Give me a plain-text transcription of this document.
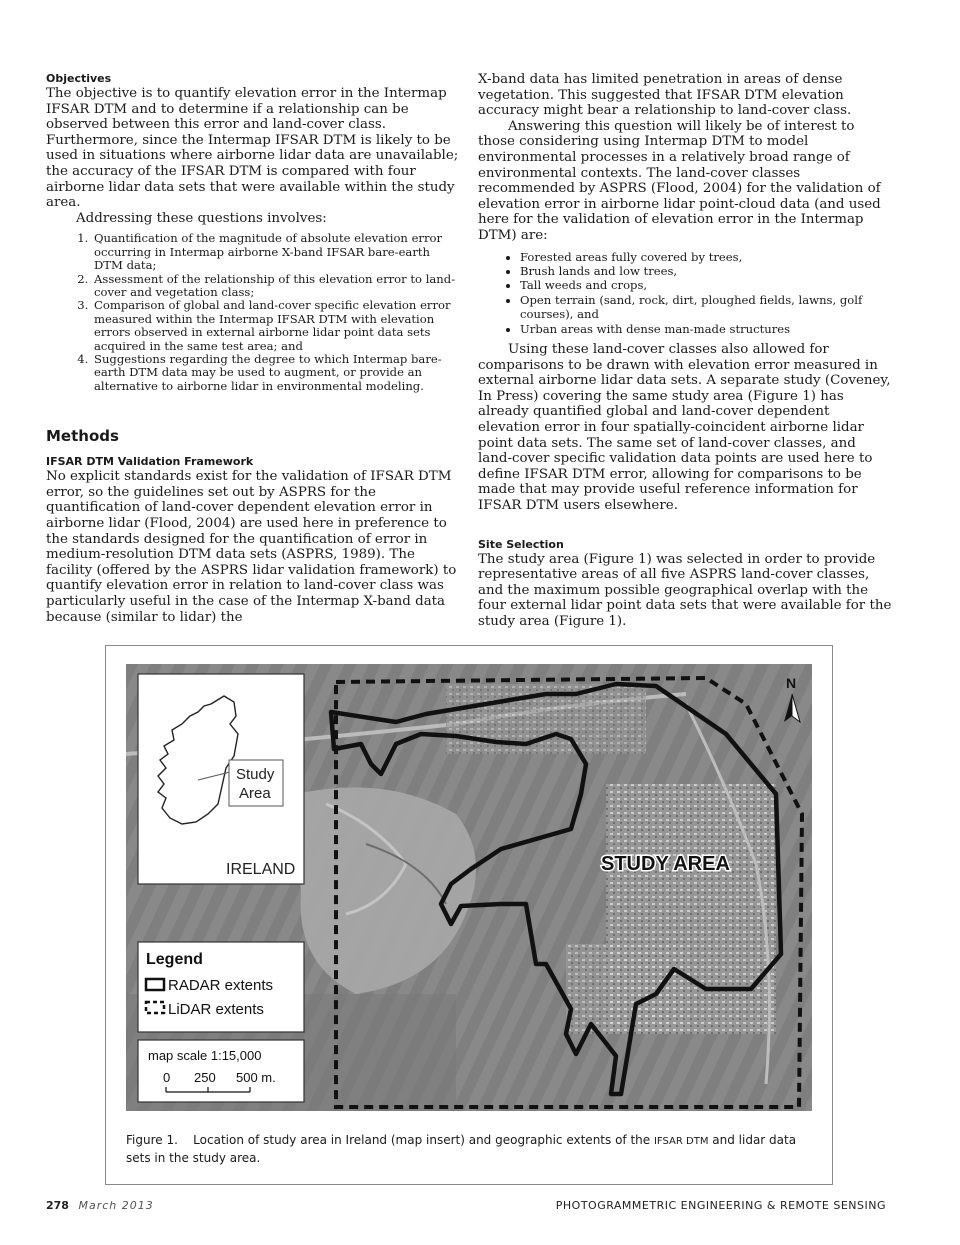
Objectives

The objective is to quantify elevation error in the Intermap IFSAR DTM and to determine if a relationship can be observed between this error and land-cover class. Furthermore, since the Intermap IFSAR DTM is likely to be used in situations where airborne lidar data are unavailable; the accuracy of the IFSAR DTM is compared with four airborne lidar data sets that were available within the study area.

Addressing these questions involves:

1. Quantification of the magnitude of absolute elevation error occurring in Intermap airborne X-band IFSAR bare-earth DTM data;
2. Assessment of the relationship of this elevation error to land-cover and vegetation class;
3. Comparison of global and land-cover specific elevation error measured within the Intermap IFSAR DTM with elevation errors observed in external airborne lidar point data sets acquired in the same test area; and
4. Suggestions regarding the degree to which Intermap bare-earth DTM data may be used to augment, or provide an alternative to airborne lidar in environmental modeling.
Methods
IFSAR DTM Validation Framework

No explicit standards exist for the validation of IFSAR DTM error, so the guidelines set out by ASPRS for the quantification of land-cover dependent elevation error in airborne lidar (Flood, 2004) are used here in preference to the standards designed for the quantification of error in medium-resolution DTM data sets (ASPRS, 1989). The facility (offered by the ASPRS lidar validation framework) to quantify elevation error in relation to land-cover class was particularly useful in the case of the Intermap X-band data because (similar to lidar) the

X-band data has limited penetration in areas of dense vegetation. This suggested that IFSAR DTM elevation accuracy might bear a relationship to land-cover class.

Answering this question will likely be of interest to those considering using Intermap DTM to model environmental processes in a relatively broad range of environmental contexts. The land-cover classes recommended by ASPRS (Flood, 2004) for the validation of elevation error in airborne lidar point-cloud data (and used here for the validation of elevation error in the Intermap DTM) are:

• Forested areas fully covered by trees,
• Brush lands and low trees,
• Tall weeds and crops,
• Open terrain (sand, rock, dirt, ploughed fields, lawns, golf courses), and
• Urban areas with dense man-made structures

Using these land-cover classes also allowed for comparisons to be drawn with elevation error measured in external airborne lidar data sets. A separate study (Coveney, In Press) covering the same study area (Figure 1) has already quantified global and land-cover dependent elevation error in four spatially-coincident airborne lidar point data sets. The same set of land-cover classes, and land-cover specific validation data points are used here to define IFSAR DTM error, allowing for comparisons to be made that may provide useful reference information for IFSAR DTM users elsewhere.

Site Selection

The study area (Figure 1) was selected in order to provide representative areas of all five ASPRS land-cover classes, and the maximum possible geographical overlap with the four external lidar point data sets that were available for the study area (Figure 1).

STUDY AREA
N
Study
Area
IRELAND
Legend
RADAR extents
LiDAR extents
map scale 1:15,000
0 250 500 m.
Figure 1. Location of study area in Ireland (map insert) and geographic extents of the IFSAR DTM and lidar data sets in the study area.
278 March 2013	PHOTOGRAMMETRIC ENGINEERING & REMOTE SENSING
